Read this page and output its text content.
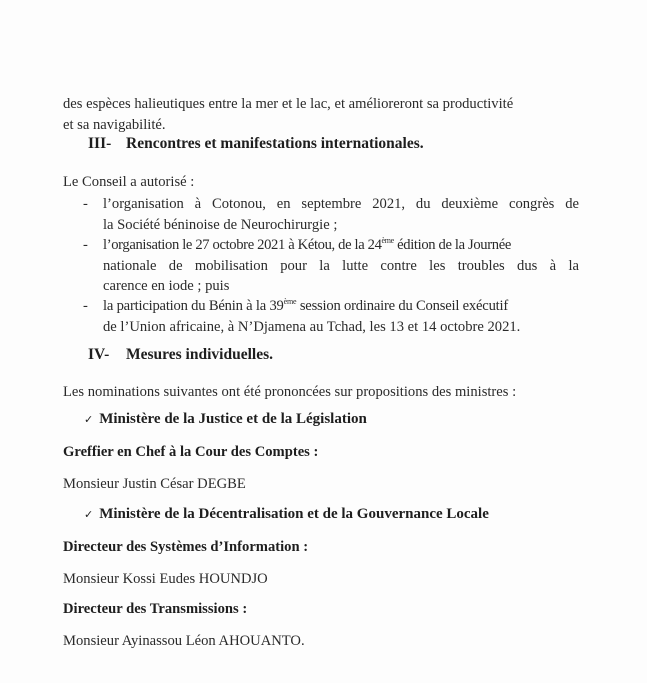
des espèces halieutiques entre la mer et le lac, et amélioreront sa productivité
et sa navigabilité.
III- Rencontres et manifestations internationales.
Le Conseil a autorisé :
-	l’organisation à Cotonou, en septembre 2021, du deuxième congrès de
la Société béninoise de Neurochirurgie ;
-	l’organisation le 27 octobre 2021 à Kétou, de la 24ème édition de la Journée
nationale de mobilisation pour la lutte contre les troubles dus à la
carence en iode ; puis
-	la participation du Bénin à la 39ème session ordinaire du Conseil exécutif
de l’Union africaine, à N’Djamena au Tchad, les 13 et 14 octobre 2021.
IV- Mesures individuelles.
Les nominations suivantes ont été prononcées sur propositions des ministres :
✓ Ministère de la Justice et de la Législation
Greffier en Chef à la Cour des Comptes :
Monsieur Justin César DEGBE
✓ Ministère de la Décentralisation et de la Gouvernance Locale
Directeur des Systèmes d’Information :
Monsieur Kossi Eudes HOUNDJO
Directeur des Transmissions :
Monsieur Ayinassou Léon AHOUANTO.
